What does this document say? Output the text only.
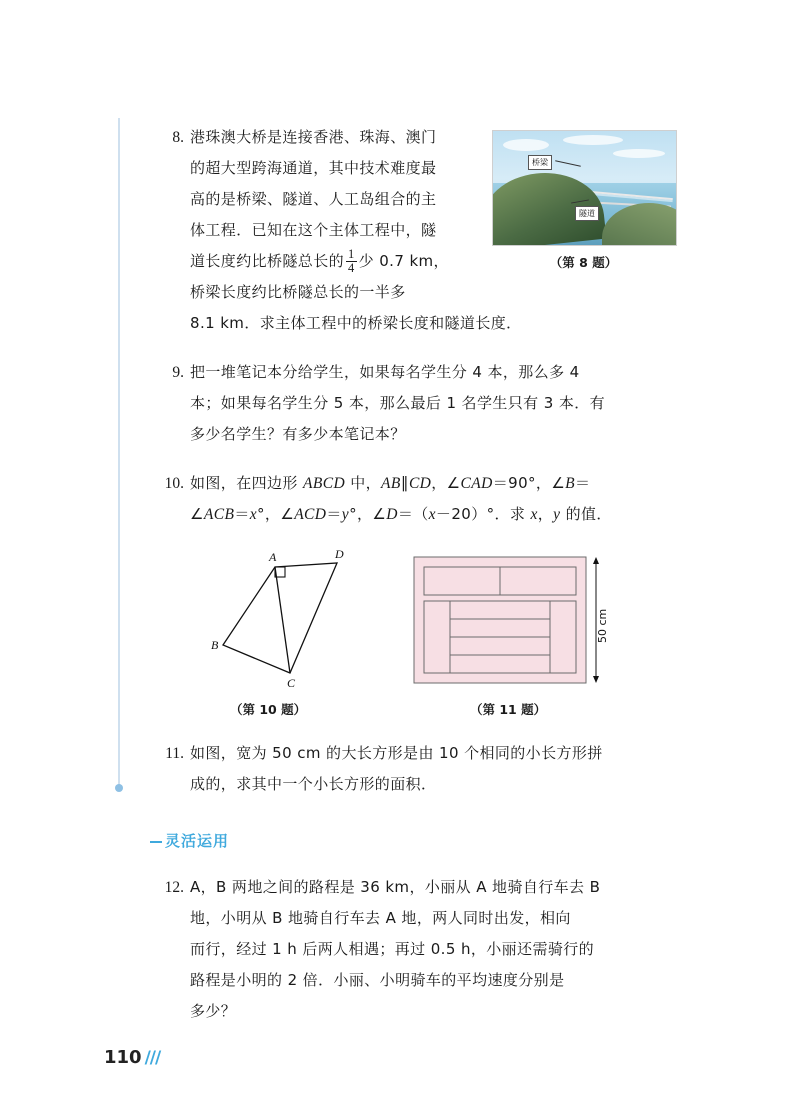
桥梁
隧道
（第 8 题）
8. 港珠澳大桥是连接香港、珠海、澳门
的超大型跨海通道，其中技术难度最
高的是桥梁、隧道、人工岛组合的主
体工程．已知在这个主体工程中，隧
道长度约比桥隧总长的 $\frac{1}{4}$ 少 0.7 km，
桥梁长度约比桥隧总长的一半多
8.1 km．求主体工程中的桥梁长度和隧道长度．
9. 把一堆笔记本分给学生，如果每名学生分 4 本，那么多 4
本；如果每名学生分 5 本，那么最后 1 名学生只有 3 本．有
多少名学生？有多少本笔记本？
10. 如图，在四边形 ABCD 中，AB∥CD，∠CAD＝90°，∠B＝
∠ACB＝x°，∠ACD＝y°，∠D＝（x－20）°．求 x，y 的值．
A	D
B
C
50 cm
（第 10 题）	（第 11 题）
11. 如图，宽为 50 cm 的大长方形是由 10 个相同的小长方形拼
成的，求其中一个小长方形的面积．
灵活运用
12. A，B 两地之间的路程是 36 km，小丽从 A 地骑自行车去 B
地，小明从 B 地骑自行车去 A 地，两人同时出发，相向
而行，经过 1 h 后两人相遇；再过 0.5 h，小丽还需骑行的
路程是小明的 2 倍．小丽、小明骑车的平均速度分别是
多少？
110 ///
